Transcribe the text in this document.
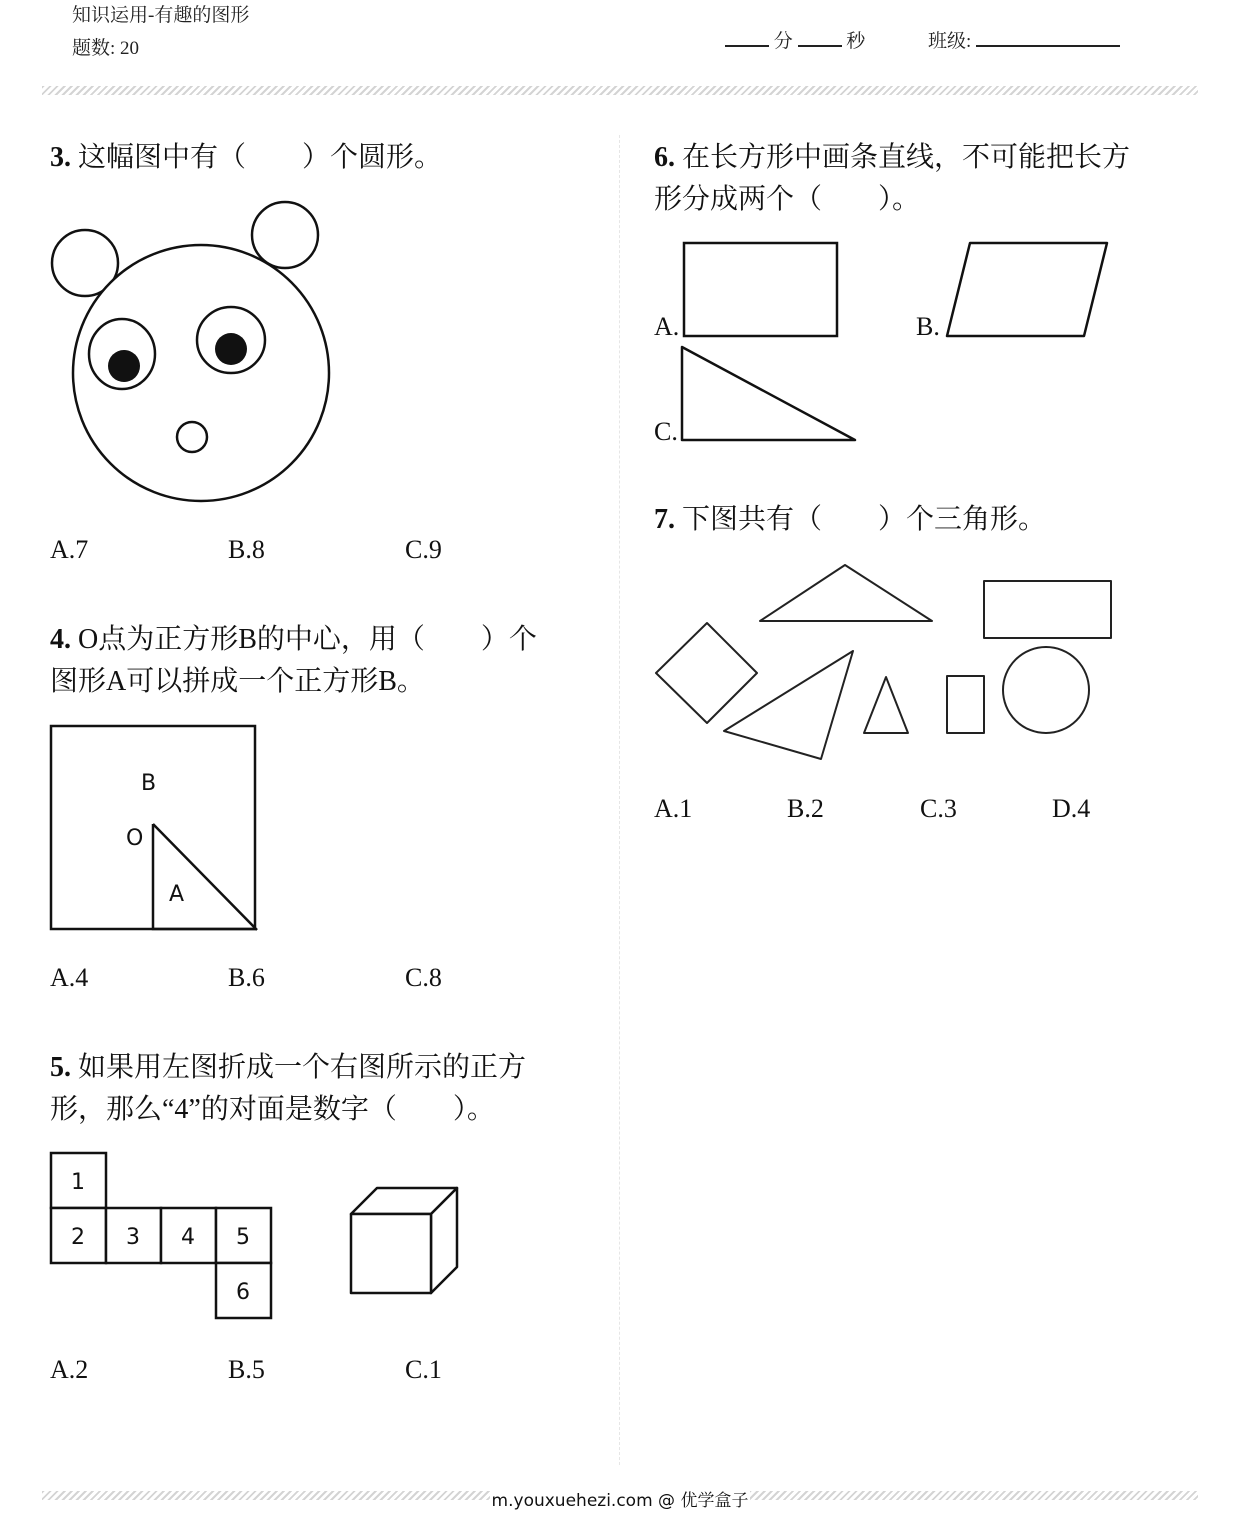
知识运用-有趣的图形
题数: 20	分	秒	班级:
3. 这幅图中有（　　）个圆形。
A.7	B.8	C.9
4. O点为正方形B的中心，用（　　）个
图形A可以拼成一个正方形B。
B
O
A
A.4	B.6	C.8
5. 如果用左图折成一个右图所示的正方
形，那么“4”的对面是数字（　　）。
1
2 3 4 5
6
A.2	B.5	C.1
6. 在长方形中画条直线，不可能把长方
形分成两个（　　）。
A.	B.
C.
7. 下图共有（　　）个三角形。
A.1	B.2	C.3	D.4
m.youxuehezi.com @ 优学盒子
